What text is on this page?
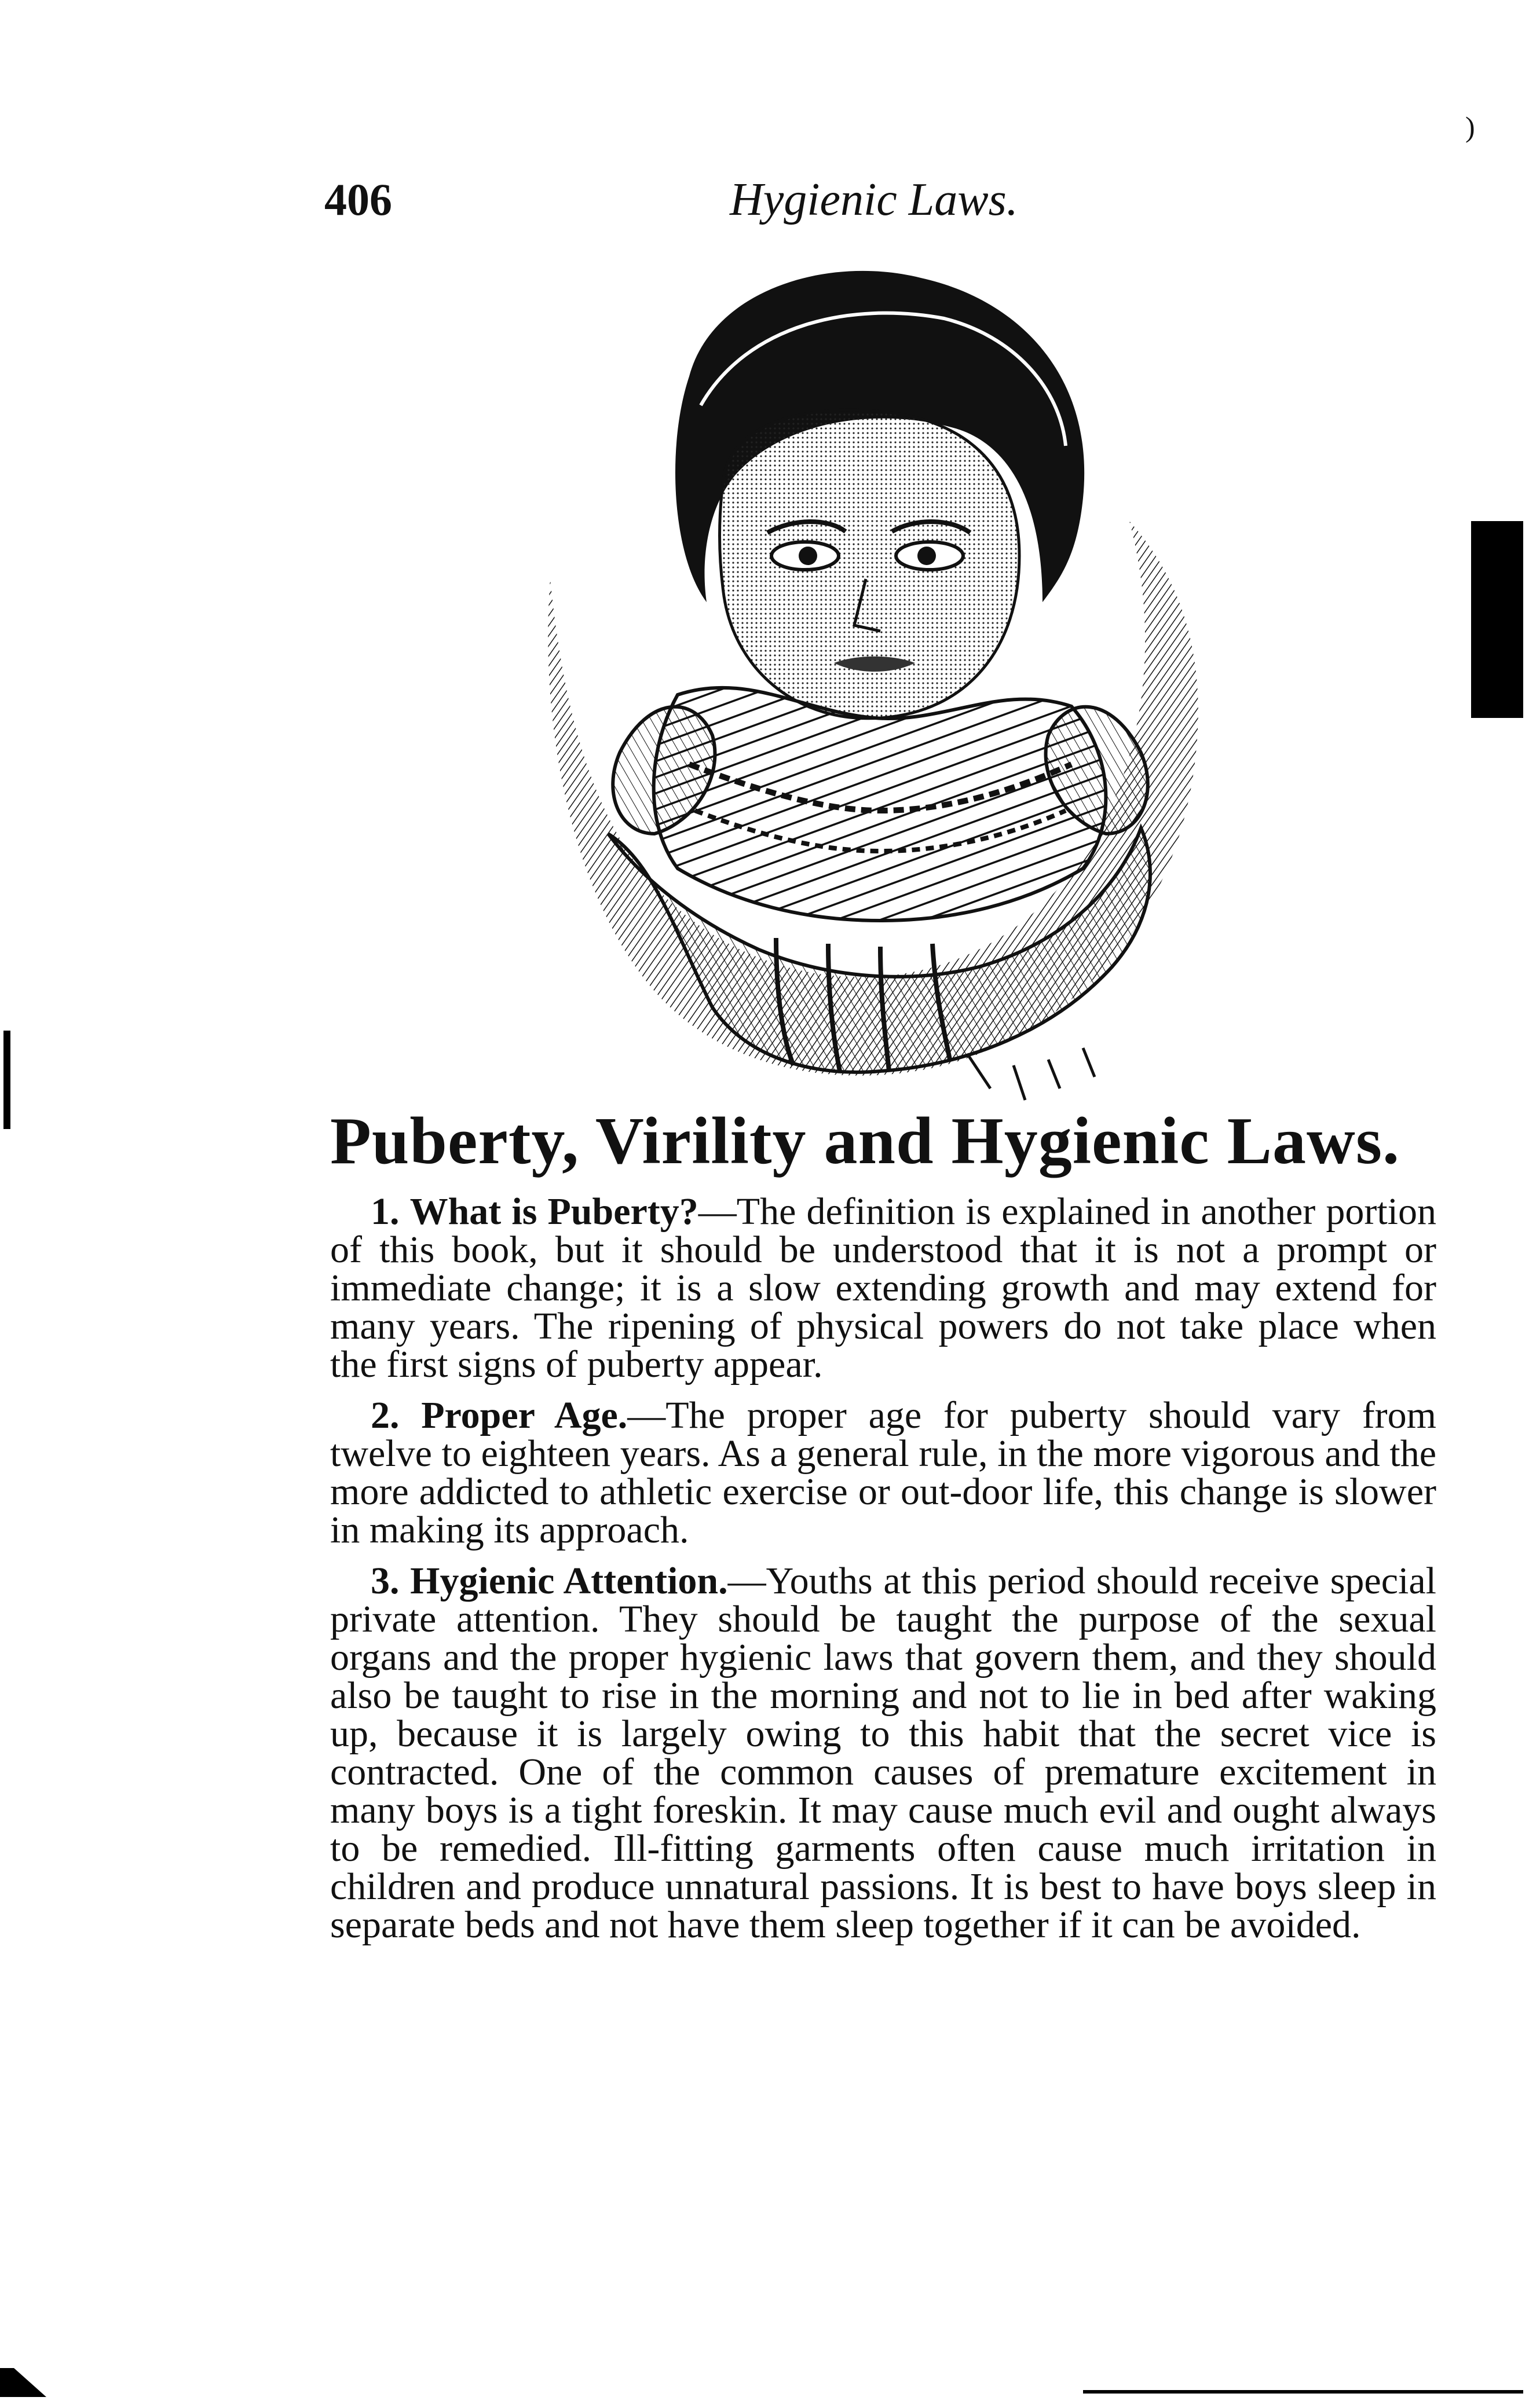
406	Hygienic Laws.
)
Puberty, Virility and Hygienic Laws.

1. What is Puberty?—The definition is explained in another portion of this book, but it should be understood that it is not a prompt or immediate change; it is a slow extending growth and may extend for many years. The ripening of physical powers do not take place when the first signs of puberty appear.

2. Proper Age.—The proper age for puberty should vary from twelve to eighteen years. As a general rule, in the more vigorous and the more addicted to athletic exercise or out-door life, this change is slower in making its approach.

3. Hygienic Attention.—Youths at this period should receive special private attention. They should be taught the purpose of the sexual organs and the proper hygienic laws that govern them, and they should also be taught to rise in the morning and not to lie in bed after waking up, because it is largely owing to this habit that the secret vice is contracted. One of the common causes of premature excitement in many boys is a tight foreskin. It may cause much evil and ought always to be remedied. Ill-fitting garments often cause much irritation in children and produce unnatural passions. It is best to have boys sleep in separate beds and not have them sleep together if it can be avoided.
